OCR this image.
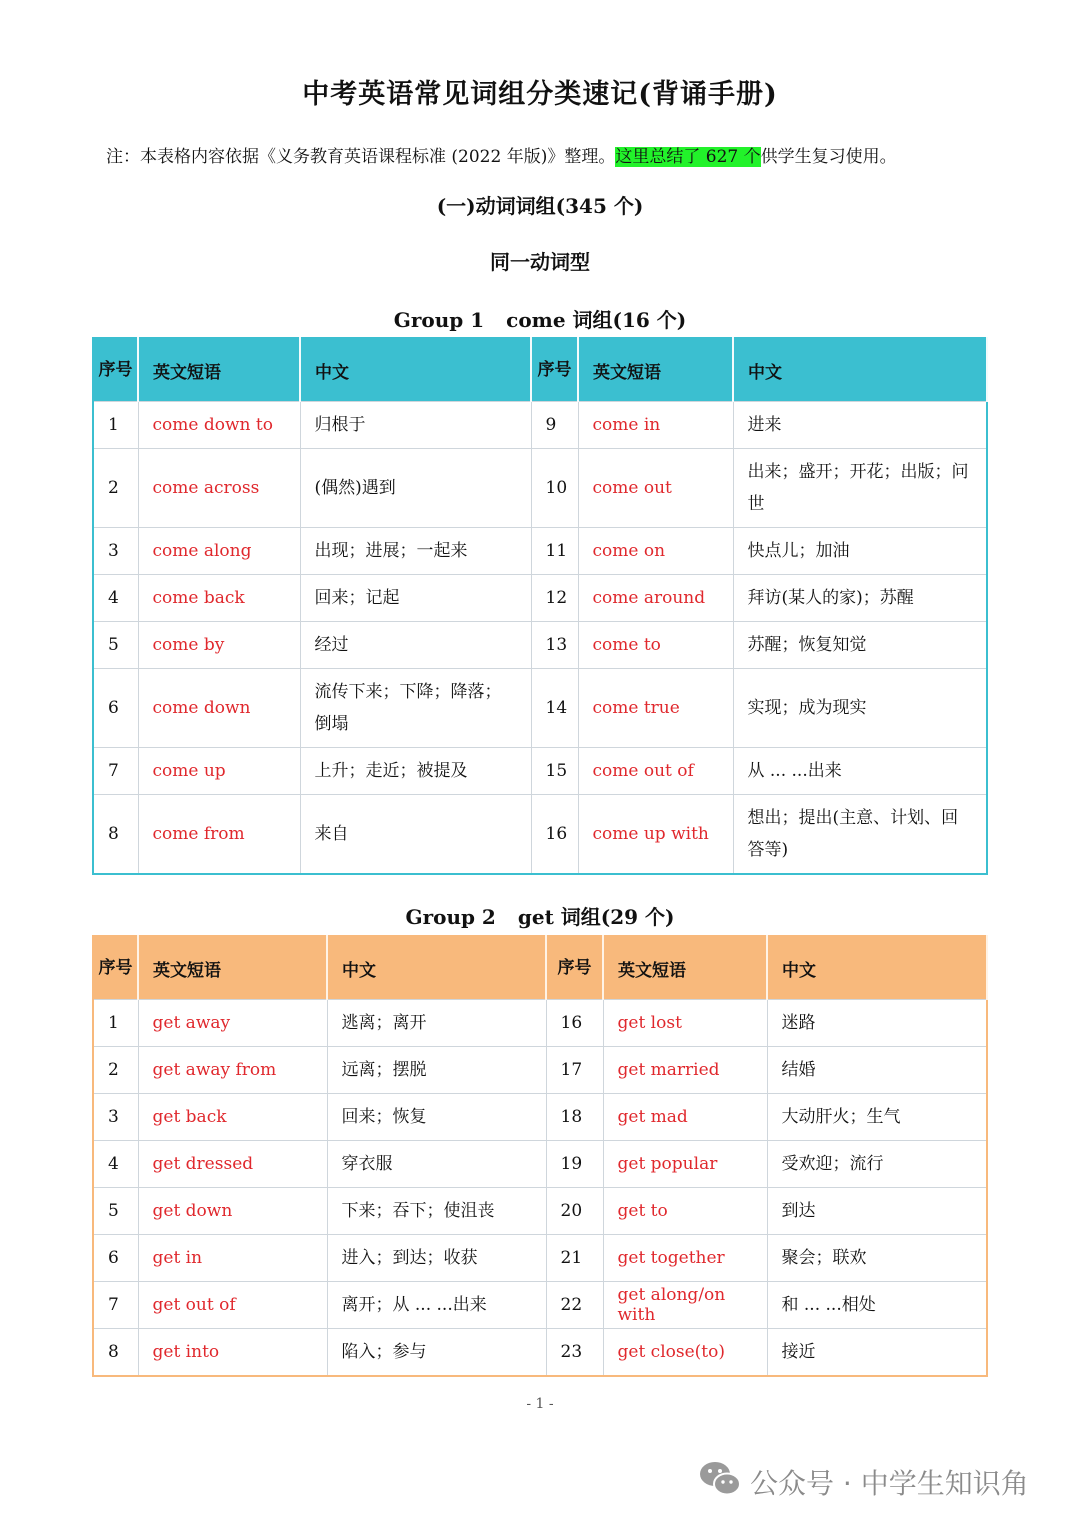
中考英语常见词组分类速记(背诵手册)
注：本表格内容依据《义务教育英语课程标准 (2022 年版)》整理。这里总结了 627 个供学生复习使用。
(一)动词词组(345 个)
同一动词型
Group 1 come 词组(16 个)
序号	英文短语	中文	序号	英文短语	中文
1	come down to	归根于	9	come in	进来
2	come across	(偶然)遇到	10	come out	出来；盛开；开花；出版；问世
3	come along	出现；进展；一起来	11	come on	快点儿；加油
4	come back	回来；记起	12	come around	拜访(某人的家)；苏醒
5	come by	经过	13	come to	苏醒；恢复知觉
6	come down	流传下来；下降；降落；倒塌	14	come true	实现；成为现实
7	come up	上升；走近；被提及	15	come out of	从 ... ...出来
8	come from	来自	16	come up with	想出；提出(主意、计划、回答等)
Group 2 get 词组(29 个)
序号	英文短语	中文	序号	英文短语	中文
1	get away	逃离；离开	16	get lost	迷路
2	get away from	远离；摆脱	17	get married	结婚
3	get back	回来；恢复	18	get mad	大动肝火；生气
4	get dressed	穿衣服	19	get popular	受欢迎；流行
5	get down	下来；吞下；使沮丧	20	get to	到达
6	get in	进入；到达；收获	21	get together	聚会；联欢
7	get out of	离开；从 ... ...出来	22	get along/on with	和 ... ...相处
8	get into	陷入；参与	23	get close(to)	接近
- 1 -
公众号 · 中学生知识角
